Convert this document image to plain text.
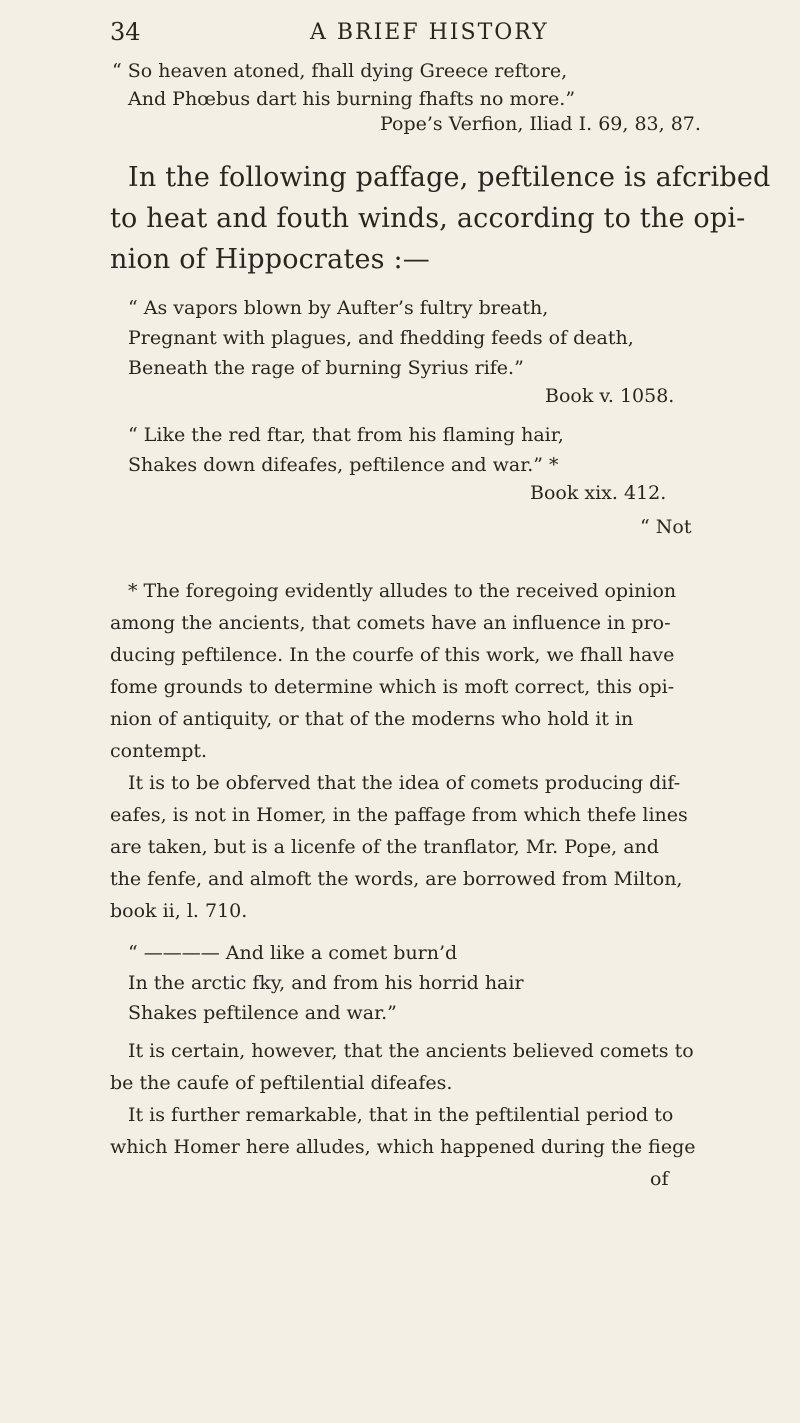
34	A BRIEF HISTORY
“ So heaven atoned, fhall dying Greece reftore,
And Phœbus dart his burning fhafts no more.”
Pope’s Verfion, Iliad I. 69, 83, 87.
In the following paffage, peftilence is afcribed
to heat and fouth winds, according to the opi-
nion of Hippocrates :—
“ As vapors blown by Aufter’s fultry breath,
Pregnant with plagues, and fhedding feeds of death,
Beneath the rage of burning Syrius rife.”
Book v. 1058.
“ Like the red ftar, that from his flaming hair,
Shakes down difeafes, peftilence and war.” *
Book xix. 412.
“ Not
* The foregoing evidently alludes to the received opinion
among the ancients, that comets have an influence in pro-
ducing peftilence. In the courfe of this work, we fhall have
fome grounds to determine which is moft correct, this opi-
nion of antiquity, or that of the moderns who hold it in
contempt.
It is to be obferved that the idea of comets producing dif-
eafes, is not in Homer, in the paffage from which thefe lines
are taken, but is a licenfe of the tranflator, Mr. Pope, and
the fenfe, and almoft the words, are borrowed from Milton,
book ii, l. 710.
“ ———— And like a comet burn’d
In the arctic fky, and from his horrid hair
Shakes peftilence and war.”
It is certain, however, that the ancients believed comets to
be the caufe of peftilential difeafes.
It is further remarkable, that in the peftilential period to
which Homer here alludes, which happened during the fiege
of
